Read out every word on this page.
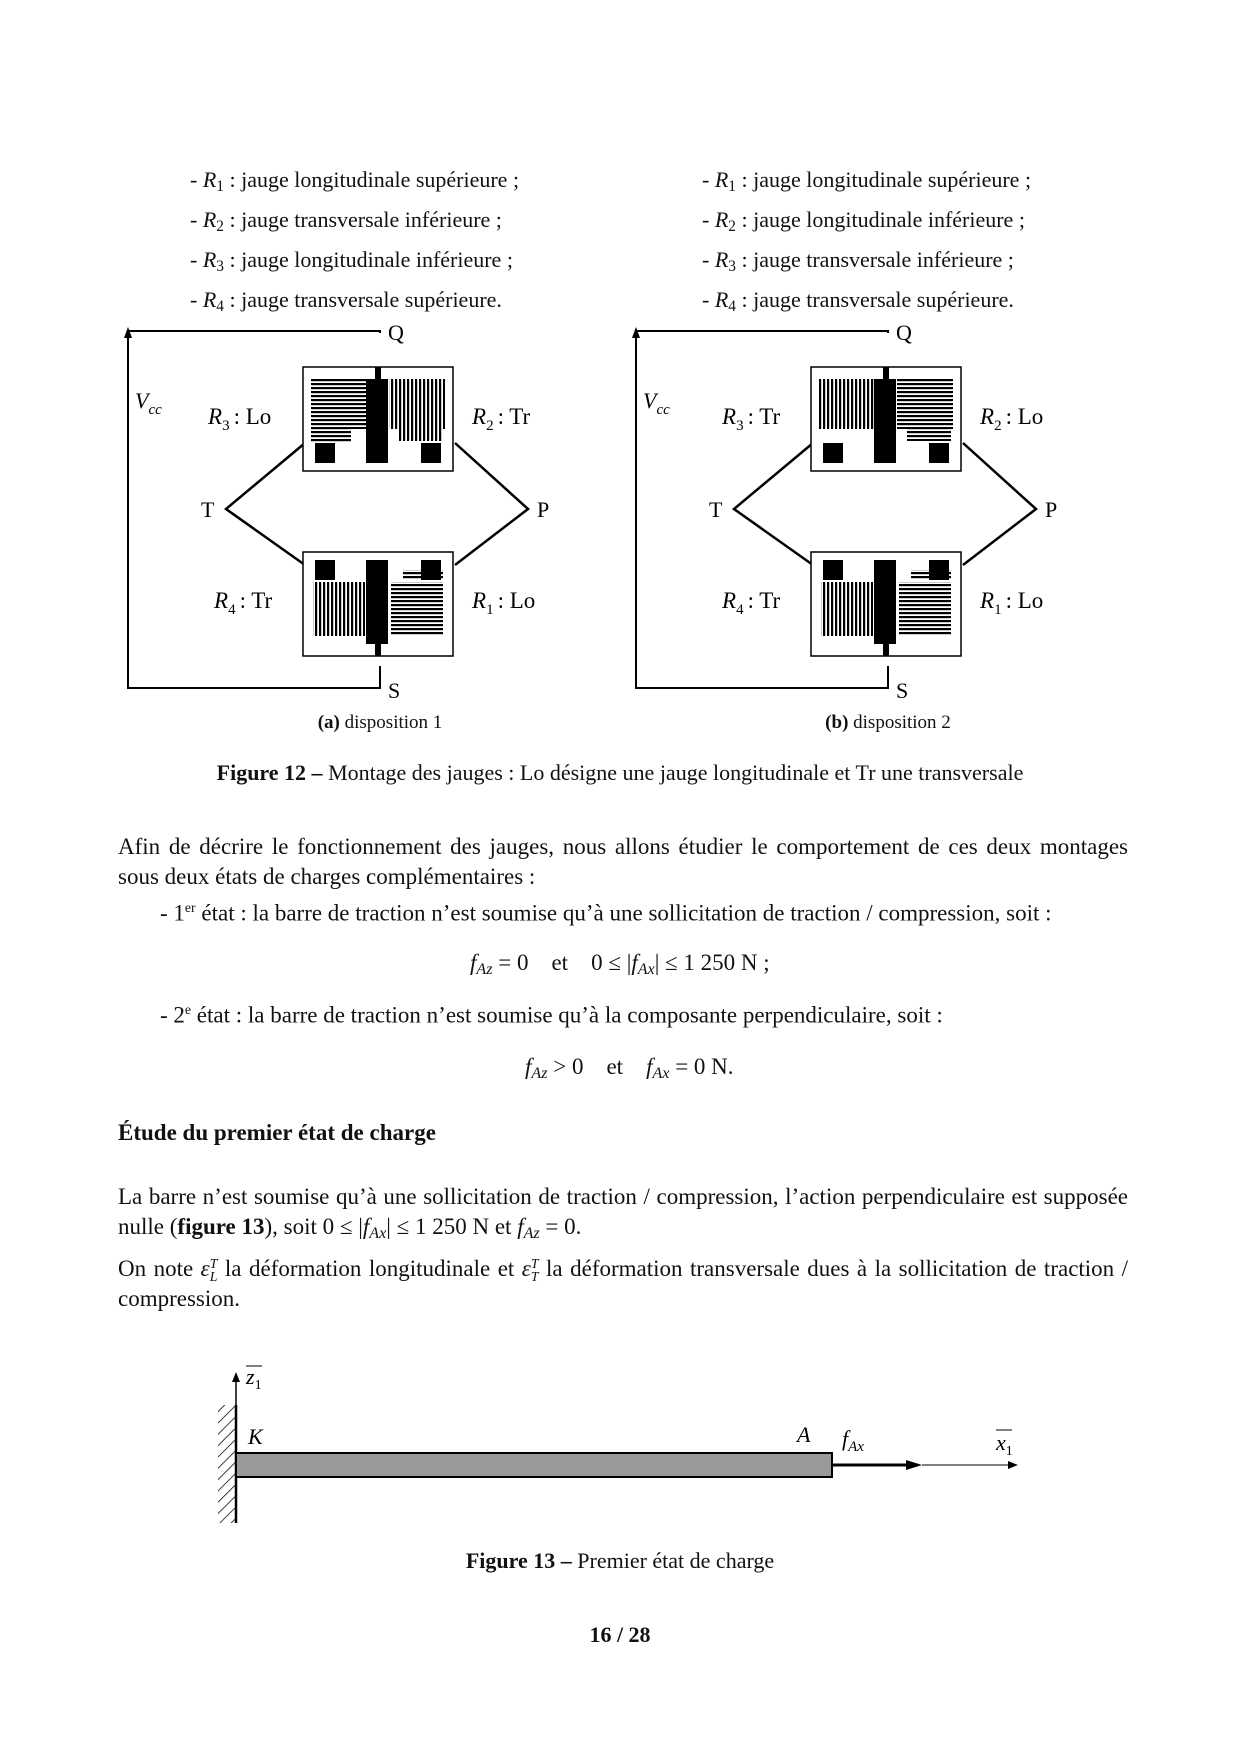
- $R_1$ : jauge longitudinale supérieure ;
- $R_2$ : jauge transversale inférieure ;
- $R_3$ : jauge longitudinale inférieure ;
- $R_4$ : jauge transversale supérieure.
- $R_1$ : jauge longitudinale supérieure ;
- $R_2$ : jauge longitudinale inférieure ;
- $R_3$ : jauge transversale inférieure ;
- $R_4$ : jauge transversale supérieure.
$V_{cc}$
Q
S
T	P
$R_3$ : Lo	$R_2$ : Tr
$R_4$ : Tr	$R_1$ : Lo
$V_{cc}$
Q
S
T	P
$R_3$ : Tr	$R_2$ : Lo
$R_4$ : Tr	$R_1$ : Lo
(a) disposition 1	(b) disposition 2
Figure 12 – Montage des jauges : Lo désigne une jauge longitudinale et Tr une transversale
Afin de décrire le fonctionnement des jauges, nous allons étudier le comportement de ces deux montages sous deux états de charges complémentaires :
- 1er état : la barre de traction n’est soumise qu’à une sollicitation de traction / compression, soit :
$f_{Az} = 0$ et $0 \le |f_{Ax}| \le 1$ 250 N ;
- 2e état : la barre de traction n’est soumise qu’à la composante perpendiculaire, soit :
$f_{Az} > 0$ et $f_{Ax} = 0$ N.
Étude du premier état de charge
La barre n’est soumise qu’à une sollicitation de traction / compression, l’action perpendiculaire est supposée nulle (figure 13), soit $0 \le |f_{Ax}| \le 1$ 250 N et $f_{Az} = 0$.
On note ε T
L la déformation longitudinale et ε T
T la déformation transversale dues à la sollicitation de traction / compression.
$z_1$
K	A $f_{Ax}$	$x_1$
Figure 13 – Premier état de charge
16 / 28
